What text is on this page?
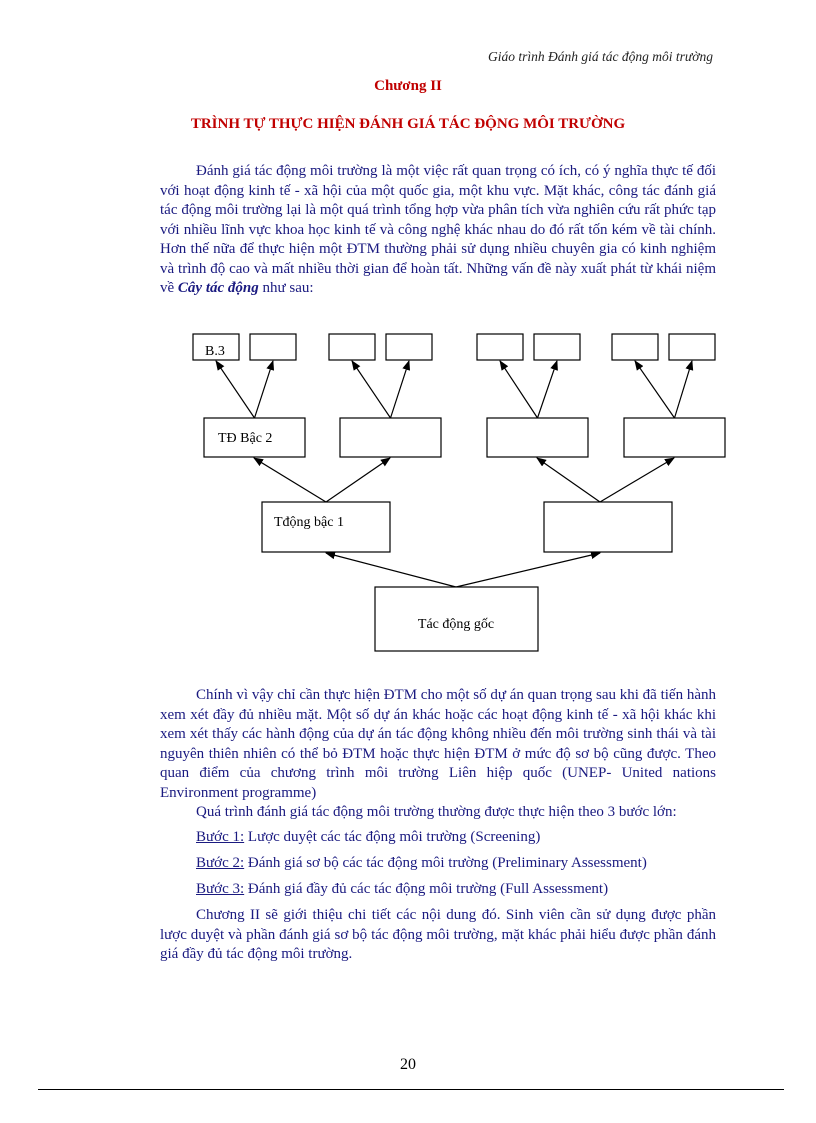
Giáo trình Đánh giá tác động môi trường
Chương II
TRÌNH TỰ THỰC HIỆN ĐÁNH GIÁ TÁC ĐỘNG MÔI TRƯỜNG

Đánh giá tác động môi trường là một việc rất quan trọng có ích, có ý nghĩa thực tế đối với hoạt động kinh tế - xã hội của một quốc gia, một khu vực. Mặt khác, công tác đánh giá tác động môi trường lại là một quá trình tổng hợp vừa phân tích vừa nghiên cứu rất phức tạp với nhiều lĩnh vực khoa học kinh tế và công nghệ khác nhau do đó rất tốn kém về tài chính. Hơn thế nữa để thực hiện một ĐTM thường phải sử dụng nhiều chuyên gia có kinh nghiệm và trình độ cao và mất nhiều thời gian để hoàn tất. Những vấn đề này xuất phát từ khái niệm về Cây tác động như sau:

Tác động gốc
Tđộng bậc 1
TĐ Bậc 2
B.3

Chính vì vậy chỉ cần thực hiện ĐTM cho một số dự án quan trọng sau khi đã tiến hành xem xét đầy đủ nhiều mặt. Một số dự án khác hoặc các hoạt động kinh tế - xã hội khác khi xem xét thấy các hành động của dự án tác động không nhiều đến môi trường sinh thái và tài nguyên thiên nhiên có thể bỏ ĐTM hoặc thực hiện ĐTM ở mức độ sơ bộ cũng được. Theo quan điểm của chương trình môi trường Liên hiệp quốc (UNEP- United nations Environment programme)

Quá trình đánh giá tác động môi trường thường được thực hiện theo 3 bước lớn:

Bước 1: Lược duyệt các tác động môi trường (Screening)

Bước 2: Đánh giá sơ bộ các tác động môi trường (Preliminary Assessment)

Bước 3: Đánh giá đầy đủ các tác động môi trường (Full Assessment)

Chương II sẽ giới thiệu chi tiết các nội dung đó. Sinh viên cần sử dụng được phần lược duyệt và phần đánh giá sơ bộ tác động môi trường, mặt khác phải hiểu được phần đánh giá đầy đủ tác động môi trường.

20
